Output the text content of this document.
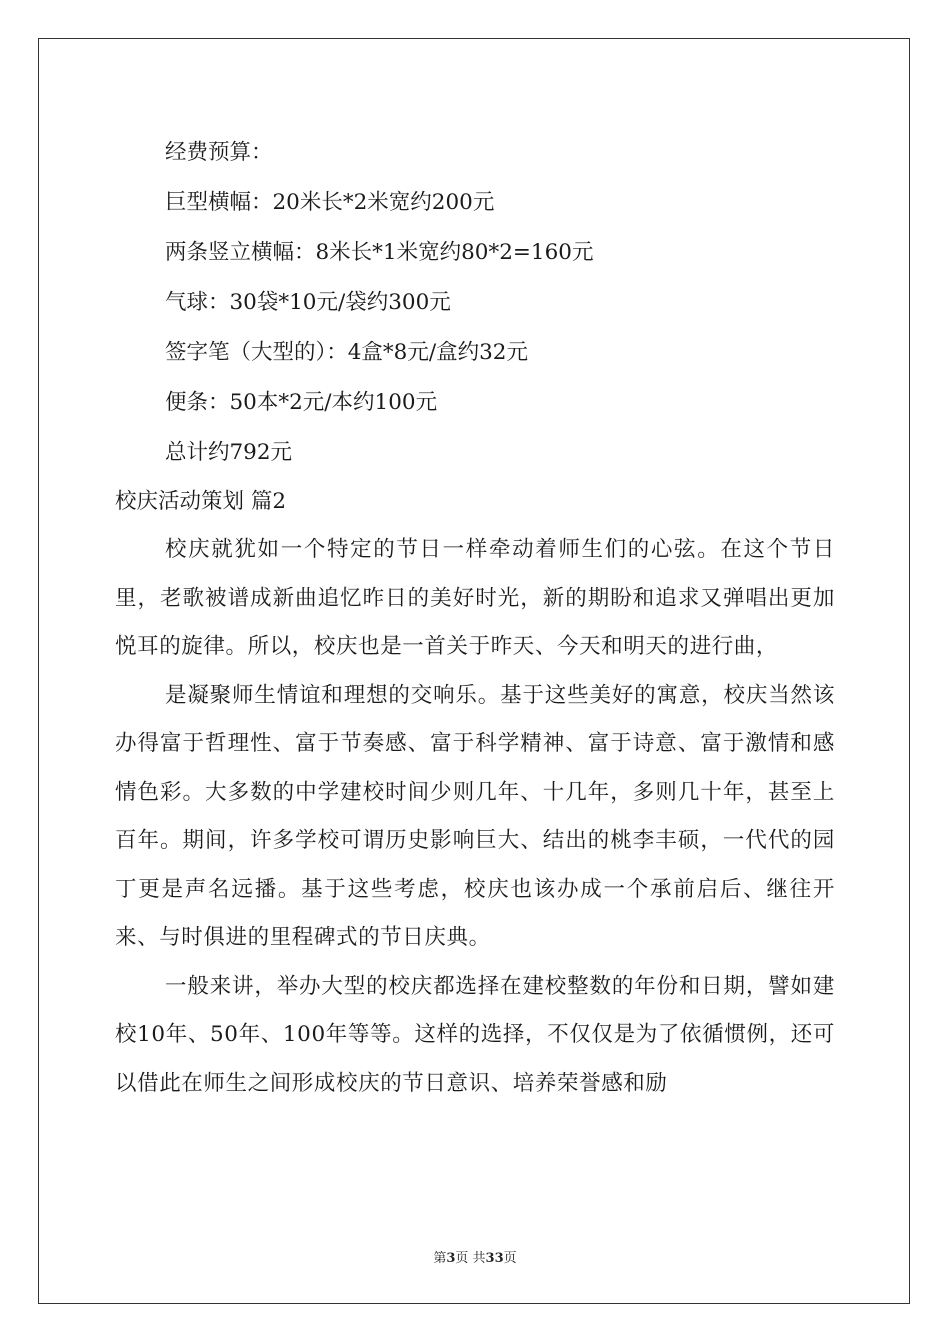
经费预算：
巨型横幅：20米长*2米宽约200元
两条竖立横幅：8米长*1米宽约80*2=160元
气球：30袋*10元/袋约300元
签字笔（大型的）：4盒*8元/盒约32元
便条：50本*2元/本约100元
总计约792元
校庆活动策划 篇2

校庆就犹如一个特定的节日一样牵动着师生们的心弦。在这个节日里，老歌被谱成新曲追忆昨日的美好时光，新的期盼和追求又弹唱出更加悦耳的旋律。所以，校庆也是一首关于昨天、今天和明天的进行曲，

是凝聚师生情谊和理想的交响乐。基于这些美好的寓意，校庆当然该办得富于哲理性、富于节奏感、富于科学精神、富于诗意、富于激情和感情色彩。大多数的中学建校时间少则几年、十几年，多则几十年，甚至上百年。期间，许多学校可谓历史影响巨大、结出的桃李丰硕，一代代的园丁更是声名远播。基于这些考虑，校庆也该办成一个承前启后、继往开来、与时俱进的里程碑式的节日庆典。

一般来讲，举办大型的校庆都选择在建校整数的年份和日期，譬如建校10年、50年、100年等等。这样的选择，不仅仅是为了依循惯例，还可以借此在师生之间形成校庆的节日意识、培养荣誉感和励

第3页 共33页
